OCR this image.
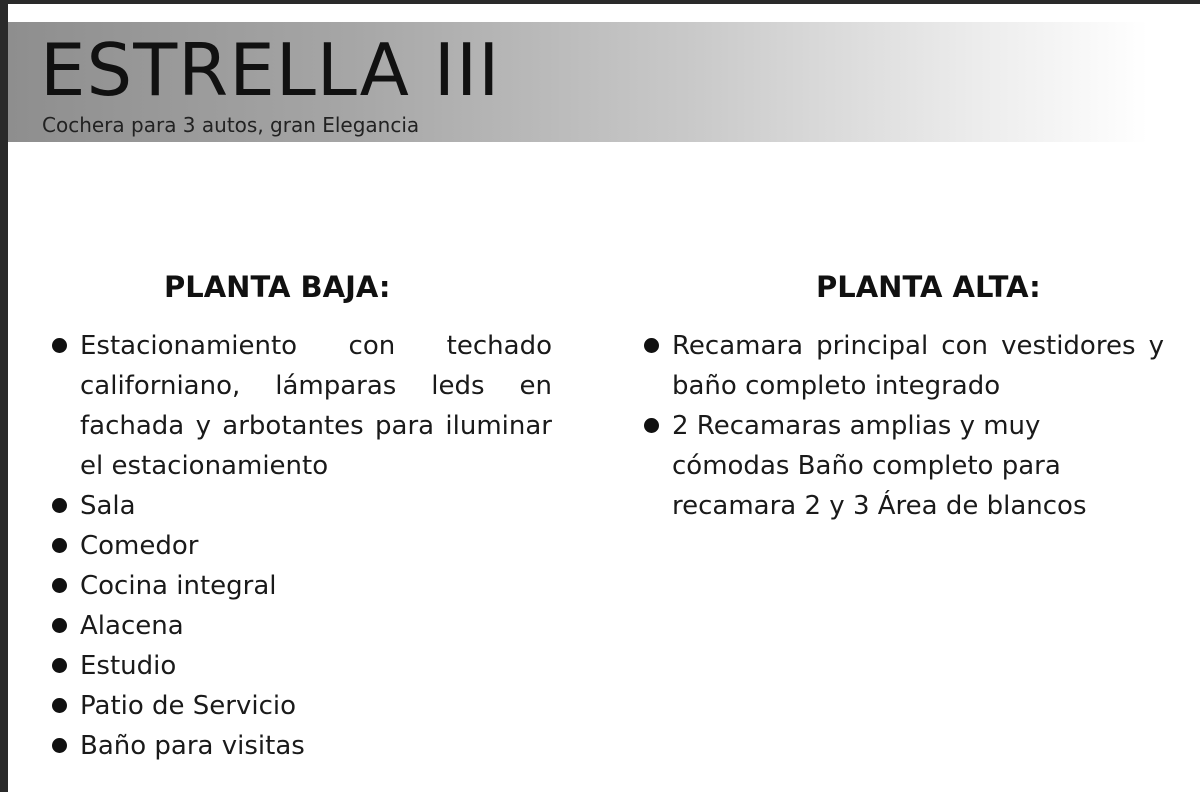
ESTRELLA III
Cochera para 3 autos, gran Elegancia
PLANTA BAJA:	PLANTA ALTA:
Estacionamiento con techado californiano, lámparas leds en fachada y arbotantes para iluminar el estacionamiento
Sala
Comedor
Cocina integral
Alacena
Estudio
Patio de Servicio
Baño para visitas
Recamara principal con vestidores y baño completo integrado
2 Recamaras amplias y muy cómodas Baño completo para recamara 2 y 3 Área de blancos
